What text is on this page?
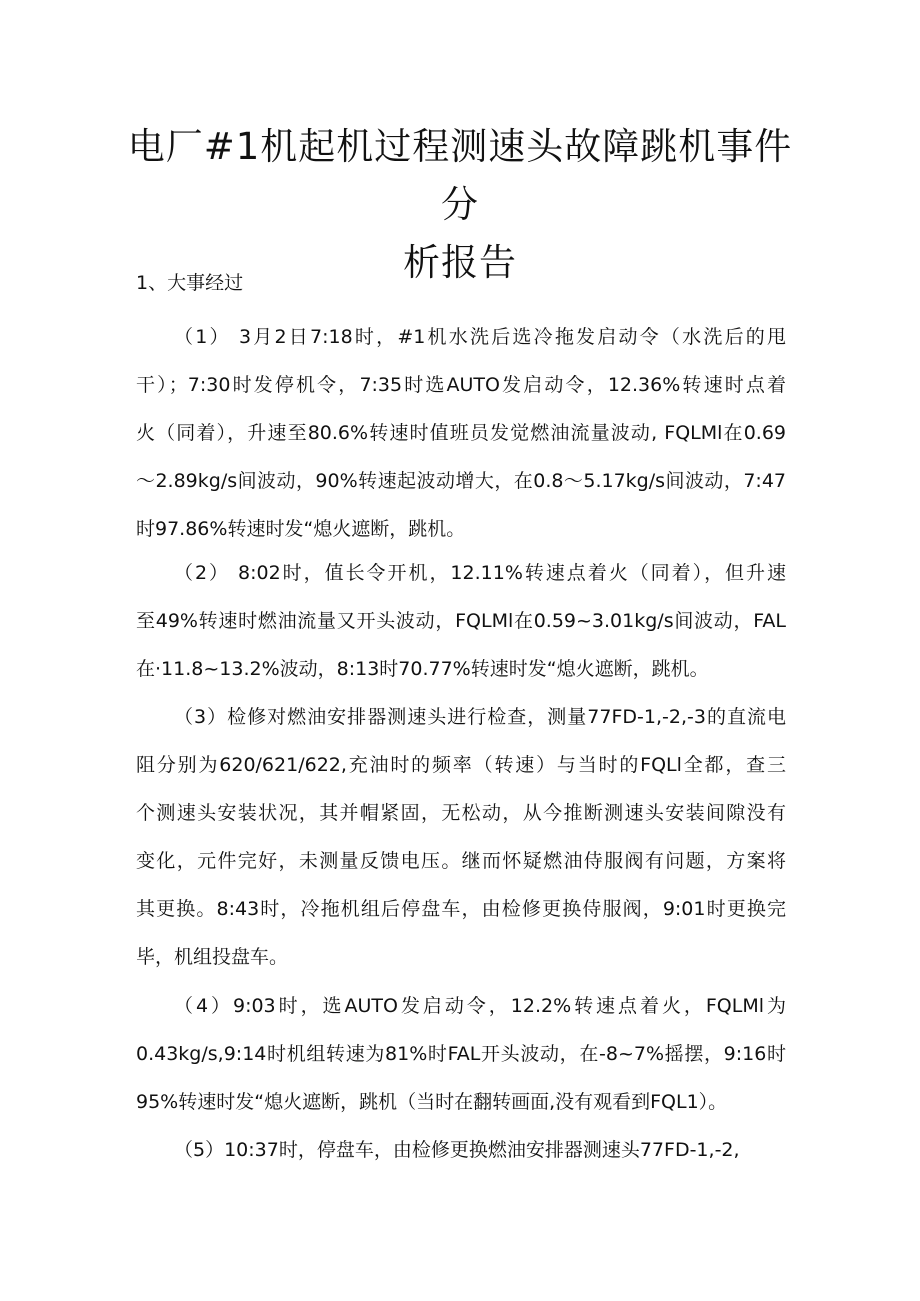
电厂#1机起机过程测速头故障跳机事件分
析报告
1、大事经过

（1） 3月2日7:18时，#1机水洗后选冷拖发启动令（水洗后的甩
干）；7:30时发停机令，7:35时选AUTO发启动令，12.36%转速时点着
火（同着），升速至80.6%转速时值班员发觉燃油流量波动, FQLMl在0.69
～2.89kg/s间波动，90%转速起波动增大，在0.8～5.17kg/s间波动，7:47
时97.86%转速时发“熄火遮断，跳机。

（2） 8:02时，值长令开机，12.11%转速点着火（同着），但升速
至49%转速时燃油流量又开头波动，FQLMl在0.59~3.01kg/s间波动，FAL
在·11.8~13.2%波动，8:13时70.77%转速时发“熄火遮断，跳机。

（3）检修对燃油安排器测速头进行检查，测量77FD-1,-2,-3的直流电
阻分别为620/621/622,充油时的频率（转速）与当时的FQLl全都，查三
个测速头安装状况，其并帽紧固，无松动，从今推断测速头安装间隙没有
变化，元件完好，未测量反馈电压。继而怀疑燃油侍服阀有问题，方案将
其更换。8:43时，冷拖机组后停盘车，由检修更换侍服阀，9:01时更换完
毕，机组投盘车。

（4）9:03时，选AUTO发启动令，12.2%转速点着火，FQLMl为
0.43kg/s,9:14时机组转速为81%时FAL开头波动，在-8~7%摇摆，9:16时
95%转速时发“熄火遮断，跳机（当时在翻转画面,没有观看到FQL1）。

（5）10:37时，停盘车，由检修更换燃油安排器测速头77FD-1,-2,
